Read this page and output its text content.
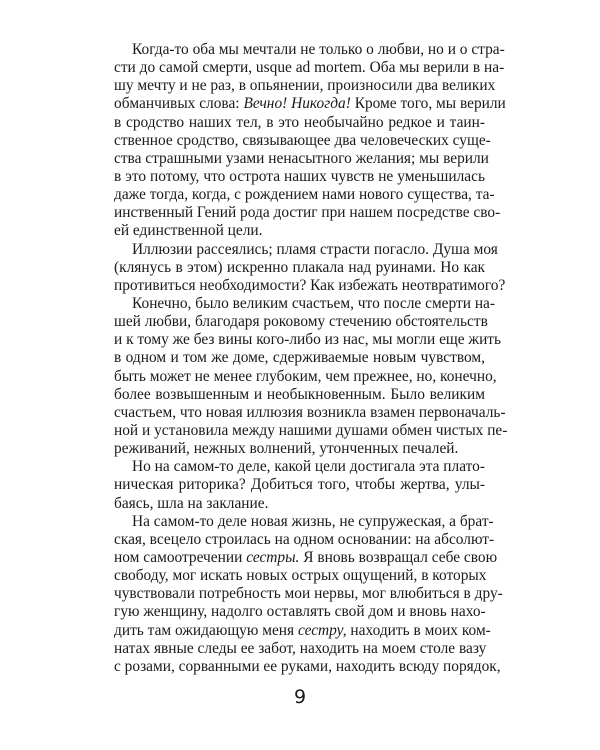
Когда-то оба мы мечтали не только о любви, но и о стра-
сти до самой смерти, usque ad mortem. Оба мы верили в на-
шу мечту и не раз, в опьянении, произносили два великих
обманчивых слова: Вечно! Никогда! Кроме того, мы верили
в сродство наших тел, в это необычайно редкое и таин-
ственное сродство, связывающее два человеческих суще-
ства страшными узами ненасытного желания; мы верили
в это потому, что острота наших чувств не уменьшилась
даже тогда, когда, с рождением нами нового существа, та-
инственный Гений рода достиг при нашем посредстве сво-
ей единственной цели.
Иллюзии рассеялись; пламя страсти погасло. Душа моя
(клянусь в этом) искренно плакала над руинами. Но как
противиться необходимости? Как избежать неотвратимого?
Конечно, было великим счастьем, что после смерти на-
шей любви, благодаря роковому стечению обстоятельств
и к тому же без вины кого-либо из нас, мы могли еще жить
в одном и том же доме, сдерживаемые новым чувством,
быть может не менее глубоким, чем прежнее, но, конечно,
более возвышенным и необыкновенным. Было великим
счастьем, что новая иллюзия возникла взамен первоначаль-
ной и установила между нашими душами обмен чистых пе-
реживаний, нежных волнений, утонченных печалей.
Но на самом-то деле, какой цели достигала эта плато-
ническая риторика? Добиться того, чтобы жертва, улы-
баясь, шла на заклание.
На самом-то деле новая жизнь, не супружеская, а брат-
ская, всецело строилась на одном основании: на абсолют-
ном самоотречении сестры. Я вновь возвращал себе свою
свободу, мог искать новых острых ощущений, в которых
чувствовали потребность мои нервы, мог влюбиться в дру-
гую женщину, надолго оставлять свой дом и вновь нахо-
дить там ожидающую меня сестру, находить в моих ком-
натах явные следы ее забот, находить на моем столе вазу
с розами, сорванными ее руками, находить всюду порядок,
9
